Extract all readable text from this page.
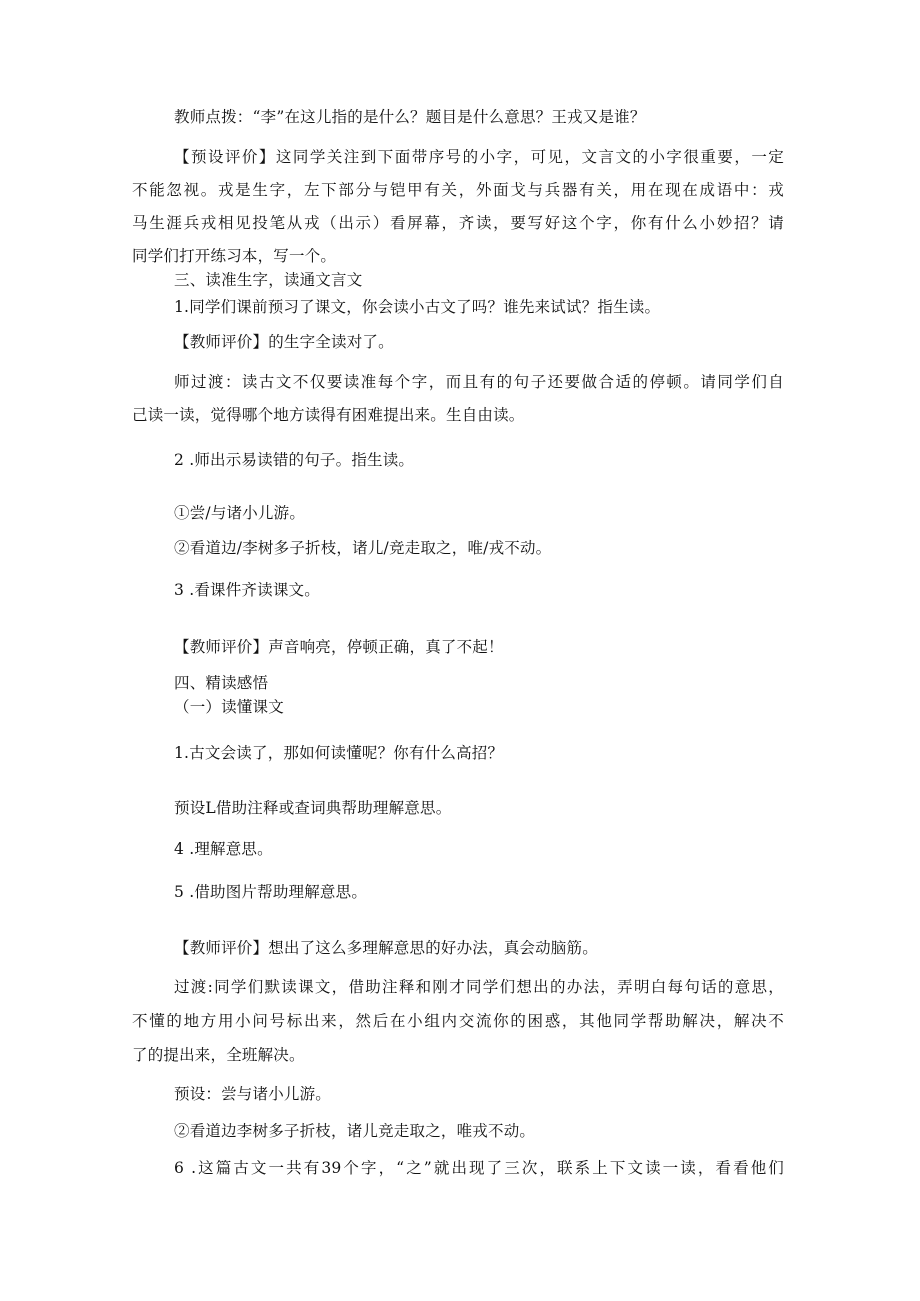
教师点拨：“李”在这儿指的是什么？题目是什么意思？王戎又是谁？

【预设评价】这同学关注到下面带序号的小字，可见，文言文的小字很重要，一定

不能忽视。戎是生字，左下部分与铠甲有关，外面戈与兵器有关，用在现在成语中：戎

马生涯兵戎相见投笔从戎（出示）看屏幕，齐读，要写好这个字，你有什么小妙招？请

同学们打开练习本，写一个。

三、读准生字，读通文言文

1.同学们课前预习了课文，你会读小古文了吗？谁先来试试？指生读。

【教师评价】的生字全读对了。

师过渡：读古文不仅要读准每个字，而且有的句子还要做合适的停顿。请同学们自

己读一读，觉得哪个地方读得有困难提出来。生自由读。

2 .师出示易读错的句子。指生读。

①尝/与诸小儿游。

②看道边/李树多子折枝，诸儿/竞走取之，唯/戎不动。

3 .看课件齐读课文。

【教师评价】声音响亮，停顿正确，真了不起！

四、精读感悟

（一）读懂课文

1.古文会读了，那如何读懂呢？你有什么高招？

预设L借助注释或查词典帮助理解意思。

4 .理解意思。

5 .借助图片帮助理解意思。

【教师评价】想出了这么多理解意思的好办法，真会动脑筋。

过渡:同学们默读课文，借助注释和刚才同学们想出的办法，弄明白每句话的意思，

不懂的地方用小问号标出来，然后在小组内交流你的困惑，其他同学帮助解决，解决不

了的提出来，全班解决。

预设：尝与诸小儿游。

②看道边李树多子折枝，诸儿竞走取之，唯戎不动。

6 .这篇古文一共有39个字，“之”就出现了三次，联系上下文读一读，看看他们
